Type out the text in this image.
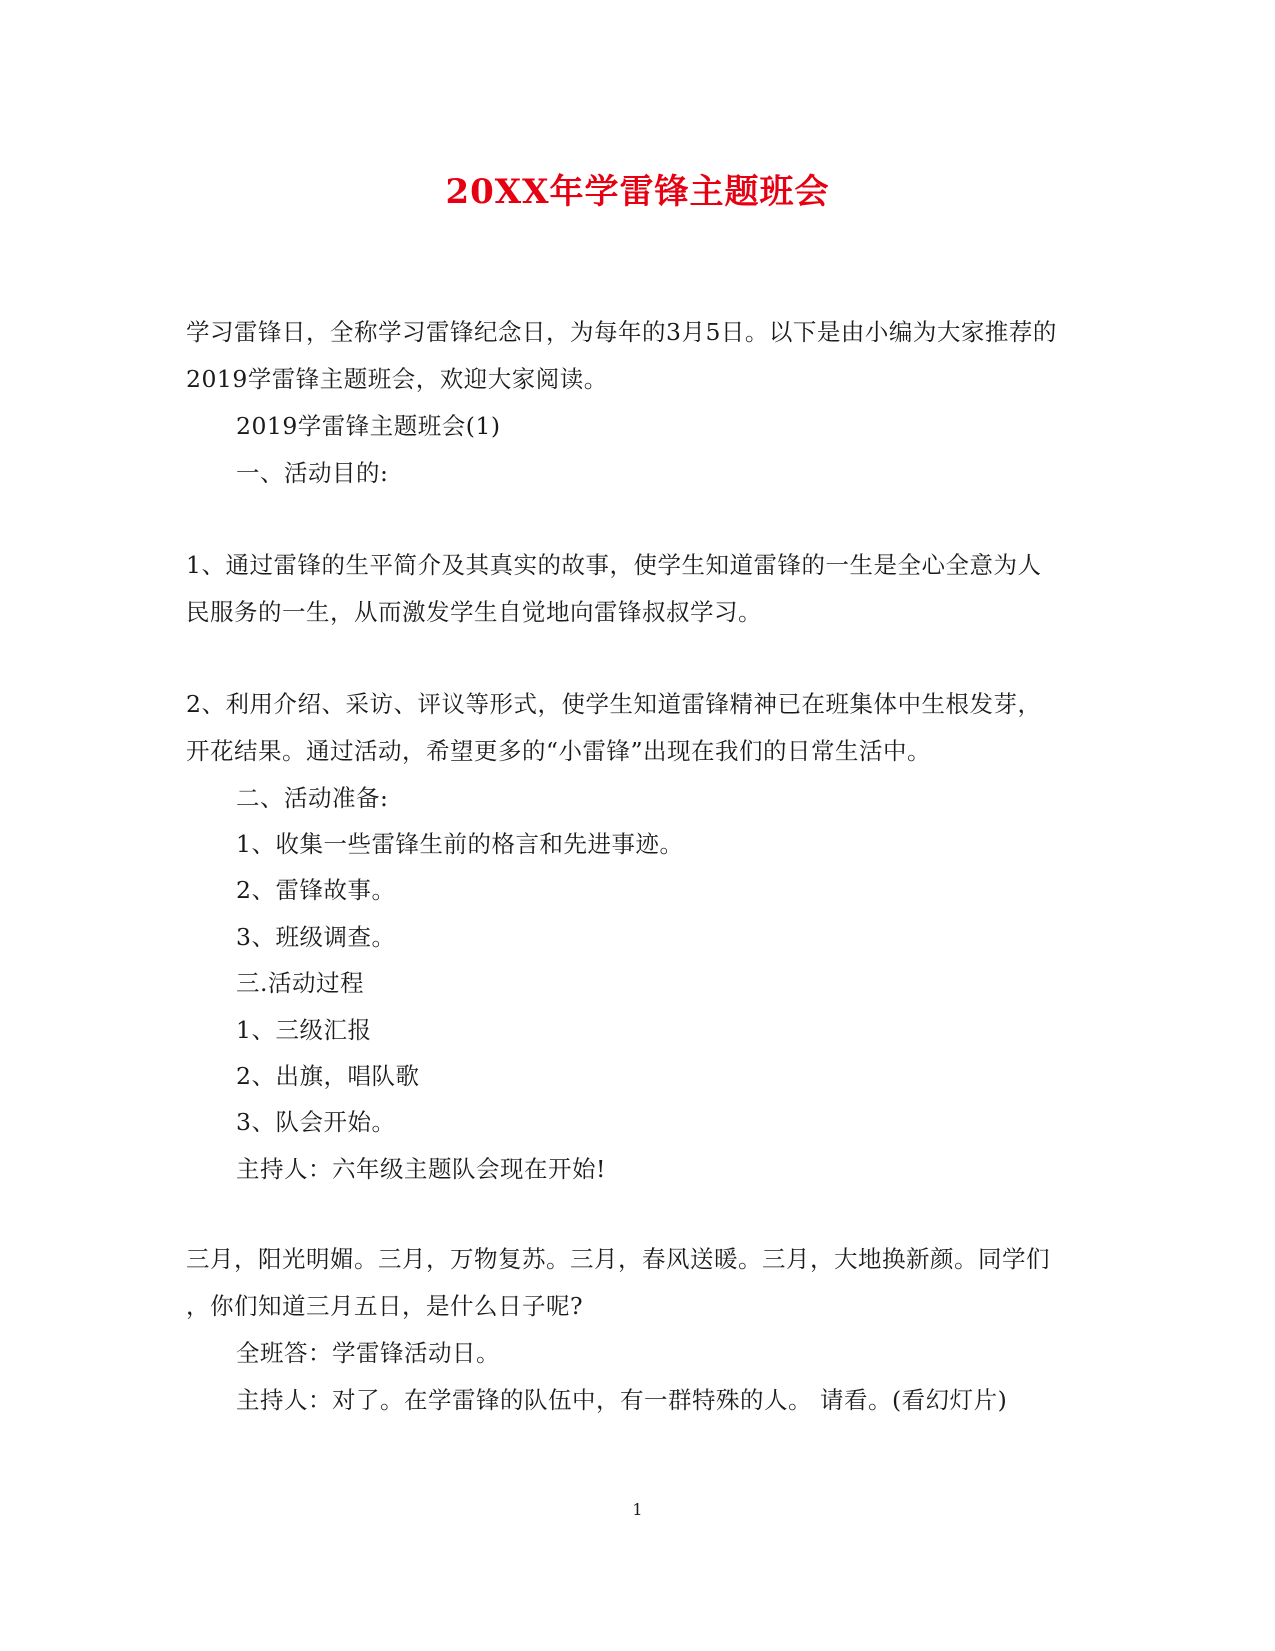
20XX年学雷锋主题班会
学习雷锋日，全称学习雷锋纪念日，为每年的3月5日。以下是由小编为大家推荐的
2019学雷锋主题班会，欢迎大家阅读。
2019学雷锋主题班会(1)
一、活动目的:
1、通过雷锋的生平简介及其真实的故事，使学生知道雷锋的一生是全心全意为人
民服务的一生，从而激发学生自觉地向雷锋叔叔学习。
2、利用介绍、采访、评议等形式，使学生知道雷锋精神已在班集体中生根发芽，
开花结果。通过活动，希望更多的“小雷锋”出现在我们的日常生活中。
二、活动准备:
1、收集一些雷锋生前的格言和先进事迹。
2、雷锋故事。
3、班级调查。
三.活动过程
1、三级汇报
2、出旗，唱队歌
3、队会开始。
主持人：六年级主题队会现在开始!
三月，阳光明媚。三月，万物复苏。三月，春风送暖。三月，大地换新颜。同学们
，你们知道三月五日，是什么日子呢?
全班答：学雷锋活动日。
主持人：对了。在学雷锋的队伍中，有一群特殊的人。 请看。(看幻灯片)
1
